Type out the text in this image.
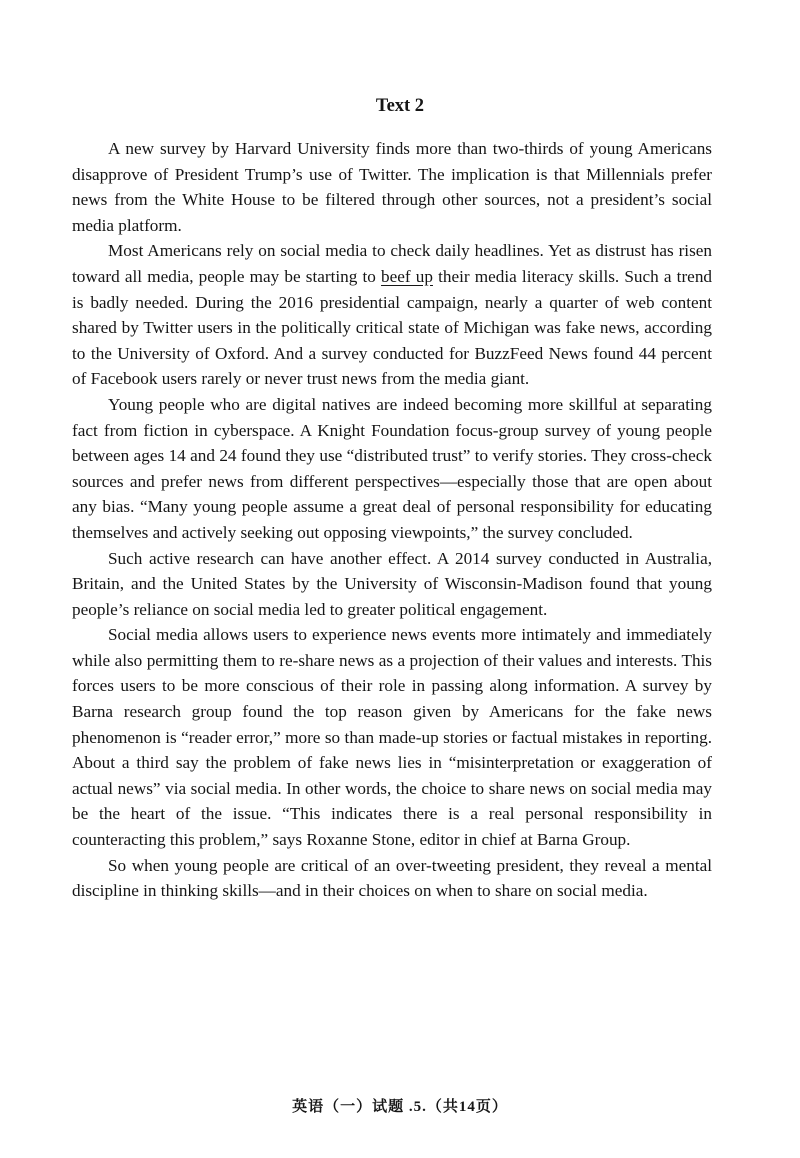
Text 2

A new survey by Harvard University finds more than two-thirds of young Americans disapprove of President Trump’s use of Twitter. The implication is that Millennials prefer news from the White House to be filtered through other sources, not a president’s social media platform.

Most Americans rely on social media to check daily headlines. Yet as distrust has risen toward all media, people may be starting to beef up their media literacy skills. Such a trend is badly needed. During the 2016 presidential campaign, nearly a quarter of web content shared by Twitter users in the politically critical state of Michigan was fake news, according to the University of Oxford. And a survey conducted for BuzzFeed News found 44 percent of Facebook users rarely or never trust news from the media giant.

Young people who are digital natives are indeed becoming more skillful at separating fact from fiction in cyberspace. A Knight Foundation focus-group survey of young people between ages 14 and 24 found they use “distributed trust” to verify stories. They cross-check sources and prefer news from different perspectives—especially those that are open about any bias. “Many young people assume a great deal of personal responsibility for educating themselves and actively seeking out opposing viewpoints,” the survey concluded.

Such active research can have another effect. A 2014 survey conducted in Australia, Britain, and the United States by the University of Wisconsin-Madison found that young people’s reliance on social media led to greater political engagement.

Social media allows users to experience news events more intimately and immediately while also permitting them to re-share news as a projection of their values and interests. This forces users to be more conscious of their role in passing along information. A survey by Barna research group found the top reason given by Americans for the fake news phenomenon is “reader error,” more so than made-up stories or factual mistakes in reporting. About a third say the problem of fake news lies in “misinterpretation or exaggeration of actual news” via social media. In other words, the choice to share news on social media may be the heart of the issue. “This indicates there is a real personal responsibility in counteracting this problem,” says Roxanne Stone, editor in chief at Barna Group.

So when young people are critical of an over-tweeting president, they reveal a mental discipline in thinking skills—and in their choices on when to share on social media.

英语（一）试题 .5.（共14页）
